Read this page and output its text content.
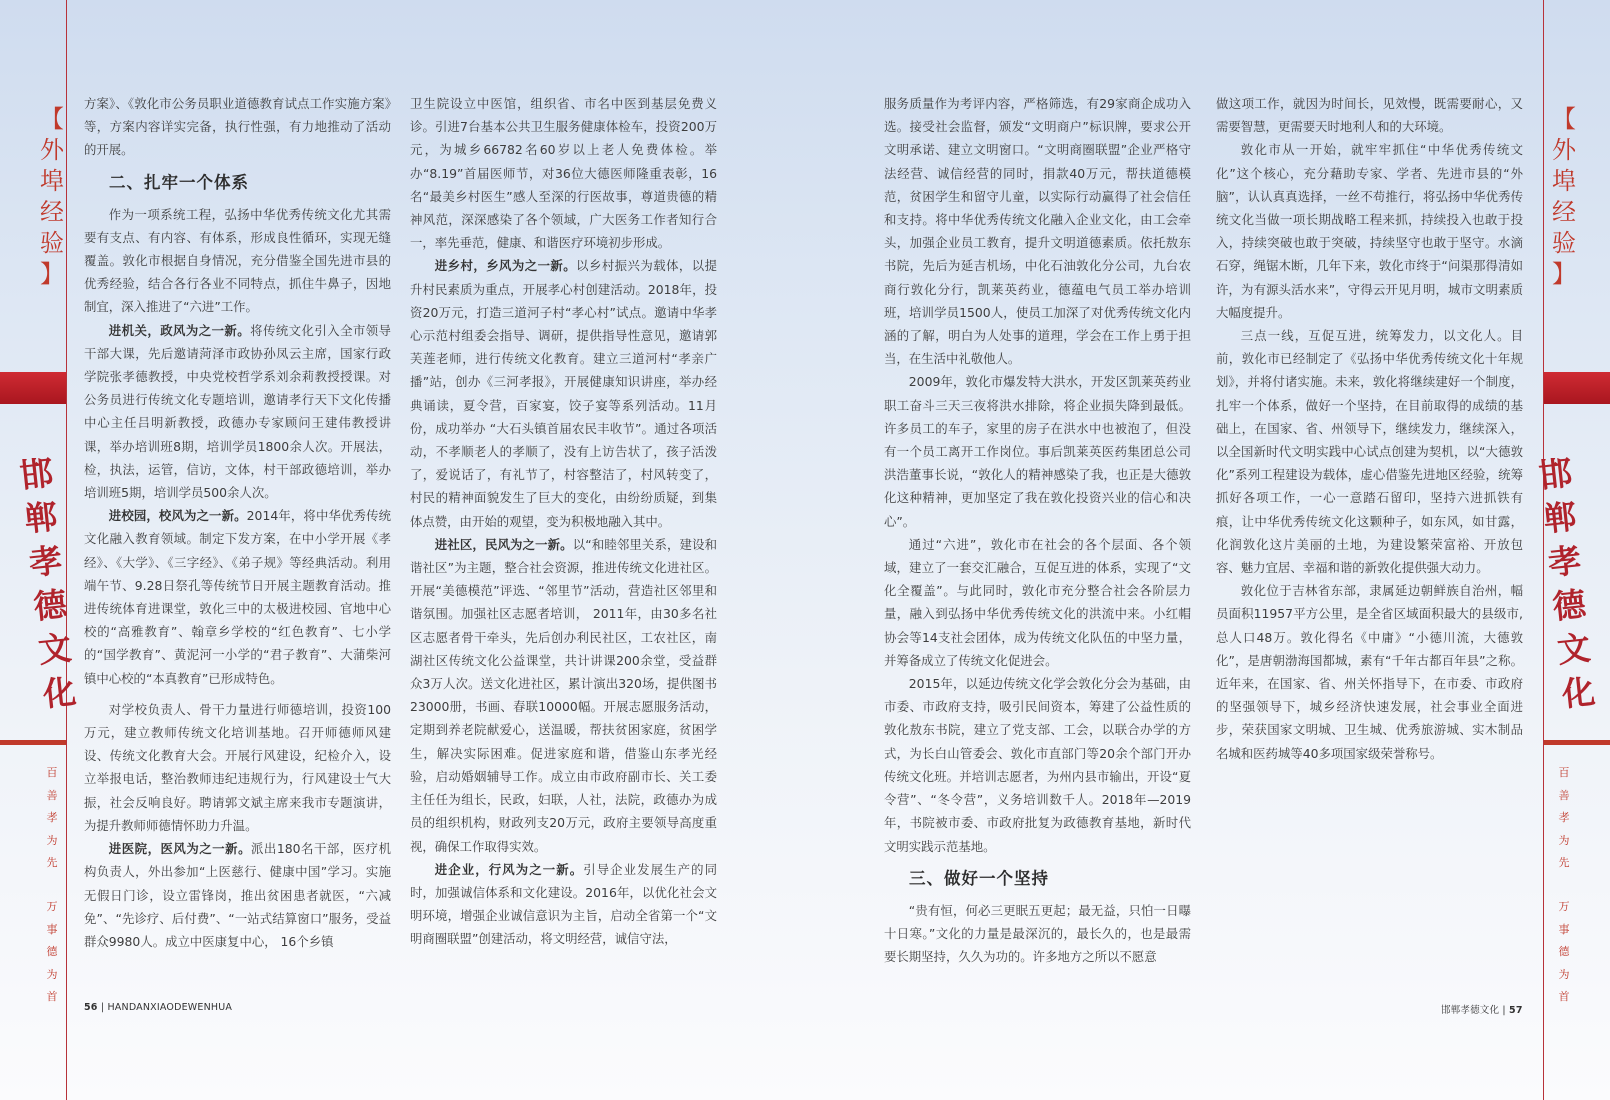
【
外
埠
经
验
】
邯
郸
孝
德
文
化
百
善
孝
为
先
万
事
德
为
首

方案》、《敦化市公务员职业道德教育试点工作实施方案》等，方案内容详实完备，执行性强，有力地推动了活动的开展。

二、扎牢一个体系

作为一项系统工程，弘扬中华优秀传统文化尤其需要有支点、有内容、有体系，形成良性循环，实现无缝覆盖。敦化市根据自身情况，充分借鉴全国先进市县的优秀经验，结合各行各业不同特点，抓住牛鼻子，因地制宜，深入推进了“六进”工作。

进机关，政风为之一新。将传统文化引入全市领导干部大课，先后邀请菏泽市政协孙凤云主席，国家行政学院张孝德教授，中央党校哲学系刘余莉教授授课。对公务员进行传统文化专题培训，邀请孝行天下文化传播中心主任吕明新教授，政德办专家顾问王建伟教授讲课，举办培训班8期，培训学员1800余人次。开展法，检，执法，运管，信访，文体，村干部政德培训，举办培训班5期，培训学员500余人次。

进校园，校风为之一新。2014年，将中华优秀传统文化融入教育领域。制定下发方案，在中小学开展《孝经》、《大学》、《三字经》、《弟子规》等经典活动。利用端午节、9.28日祭孔等传统节日开展主题教育活动。推进传统体育进课堂，敦化三中的太极进校园、官地中心校的“高雅教育”、翰章乡学校的“红色教育”、七小学的“国学教育”、黄泥河一小学的“君子教育”、大蒲柴河镇中心校的“本真教育”已形成特色。

对学校负责人、骨干力量进行师德培训，投资100万元，建立教师传统文化培训基地。召开师德师风建设、传统文化教育大会。开展行风建设，纪检介入，设立举报电话，整治教师违纪违规行为，行风建设士气大振，社会反响良好。聘请郭文斌主席来我市专题演讲，为提升教师师德情怀助力升温。

进医院，医风为之一新。派出180名干部，医疗机构负责人，外出参加“上医慈行、健康中国”学习。实施无假日门诊，设立雷锋岗，推出贫困患者就医，“六减免”、“先诊疗、后付费”、“一站式结算窗口”服务，受益群众9980人。成立中医康复中心， 16个乡镇

卫生院设立中医馆，组织省、市名中医到基层免费义诊。引进7台基本公共卫生服务健康体检车，投资200万元，为城乡66782名60岁以上老人免费体检。举办“8.19”首届医师节，对36位大德医师隆重表彰，16名“最美乡村医生”感人至深的行医故事，尊道贵德的精神风范，深深感染了各个领域，广大医务工作者知行合一，率先垂范，健康、和谐医疗环境初步形成。

进乡村，乡风为之一新。以乡村振兴为载体，以提升村民素质为重点，开展孝心村创建活动。2018年，投资20万元，打造三道河子村“孝心村”试点。邀请中华孝心示范村组委会指导、调研，提供指导性意见，邀请郭芙莲老师，进行传统文化教育。建立三道河村“孝亲广播”站，创办《三河孝报》，开展健康知识讲座，举办经典诵读，夏令营，百家宴，饺子宴等系列活动。11月份，成功举办 “大石头镇首届农民丰收节”。通过各项活动，不孝顺老人的孝顺了，没有上访告状了，孩子活泼了，爱说话了，有礼节了，村容整洁了，村风转变了，村民的精神面貌发生了巨大的变化，由纷纷质疑，到集体点赞，由开始的观望，变为积极地融入其中。

进社区，民风为之一新。以“和睦邻里关系，建设和谐社区”为主题，整合社会资源，推进传统文化进社区。开展“美德模范”评选、“邻里节”活动，营造社区邻里和谐氛围。加强社区志愿者培训， 2011年，由30多名社区志愿者骨干牵头，先后创办利民社区，工农社区，南湖社区传统文化公益课堂，共计讲课200余堂，受益群众3万人次。送文化进社区，累计演出320场，提供图书23000册，书画、春联10000幅。开展志愿服务活动，定期到养老院献爱心，送温暖，帮扶贫困家庭，贫困学生，解决实际困难。促进家庭和谐，借鉴山东孝光经验，启动婚姻辅导工作。成立由市政府副市长、关工委主任任为组长，民政，妇联，人社，法院，政德办为成员的组织机构，财政列支20万元，政府主要领导高度重视，确保工作取得实效。

进企业，行风为之一新。引导企业发展生产的同时，加强诚信体系和文化建设。2016年，以优化社会文明环境，增强企业诚信意识为主旨，启动全省第一个“文明商圈联盟”创建活动，将文明经营，诚信守法，

56 | HANDANXIAODEWENHUA
【
外
埠
经
验
】
邯
郸
孝
德
文
化
百
善
孝
为
先
万
事
德
为
首

服务质量作为考评内容，严格筛选，有29家商企成功入选。接受社会监督，颁发“文明商户”标识牌，要求公开文明承诺、建立文明窗口。“文明商圈联盟”企业严格守法经营、诚信经营的同时，捐款40万元，帮扶道德模范，贫困学生和留守儿童，以实际行动赢得了社会信任和支持。将中华优秀传统文化融入企业文化，由工会牵头，加强企业员工教育，提升文明道德素质。依托敖东书院，先后为延吉机场，中化石油敦化分公司，九台农商行敦化分行，凯莱英药业，德蕴电气员工举办培训班，培训学员1500人，使员工加深了对优秀传统文化内涵的了解，明白为人处事的道理，学会在工作上勇于担当，在生活中礼敬他人。

2009年，敦化市爆发特大洪水，开发区凯莱英药业职工奋斗三天三夜将洪水排除，将企业损失降到最低。许多员工的车子，家里的房子在洪水中也被泡了，但没有一个员工离开工作岗位。事后凯莱英医药集团总公司洪浩董事长说，“敦化人的精神感染了我，也正是大德敦化这种精神，更加坚定了我在敦化投资兴业的信心和决心”。

通过“六进”，敦化市在社会的各个层面、各个领域，建立了一套交汇融合，互促互进的体系，实现了“文化全覆盖”。与此同时，敦化市充分整合社会各阶层力量，融入到弘扬中华优秀传统文化的洪流中来。小红帽协会等14支社会团体，成为传统文化队伍的中坚力量，并筹备成立了传统文化促进会。

2015年，以延边传统文化学会敦化分会为基础，由市委、市政府支持，吸引民间资本，筹建了公益性质的敦化敖东书院，建立了党支部、工会，以联合办学的方式，为长白山管委会、敦化市直部门等20余个部门开办传统文化班。并培训志愿者，为州内县市输出，开设“夏令营”、“冬令营”，义务培训数千人。2018年—2019年，书院被市委、市政府批复为政德教育基地，新时代文明实践示范基地。

三、做好一个坚持

“贵有恒，何必三更眠五更起；最无益，只怕一日曝十日寒。”文化的力量是最深沉的，最长久的，也是最需要长期坚持，久久为功的。许多地方之所以不愿意

做这项工作，就因为时间长，见效慢，既需要耐心，又需要智慧，更需要天时地利人和的大环境。

敦化市从一开始，就牢牢抓住“中华优秀传统文化”这个核心，充分藉助专家、学者、先进市县的“外脑”，认认真真选择，一丝不苟推行，将弘扬中华优秀传统文化当做一项长期战略工程来抓，持续投入也敢于投入，持续突破也敢于突破，持续坚守也敢于坚守。水滴石穿，绳锯木断，几年下来，敦化市终于“问渠那得清如许，为有源头活水来”，守得云开见月明，城市文明素质大幅度提升。

三点一线，互促互进，统筹发力，以文化人。目前，敦化市已经制定了《弘扬中华优秀传统文化十年规划》，并将付诸实施。未来，敦化将继续建好一个制度，扎牢一个体系，做好一个坚持，在目前取得的成绩的基础上，在国家、省、州领导下，继续发力，继续深入，以全国新时代文明实践中心试点创建为契机，以“大德敦化”系列工程建设为载体，虚心借鉴先进地区经验，统筹抓好各项工作，一心一意踏石留印，坚持六进抓铁有痕，让中华优秀传统文化这颗种子，如东风，如甘露，化润敦化这片美丽的土地，为建设繁荣富裕、开放包容、魅力宜居、幸福和谐的新敦化提供强大动力。

敦化位于吉林省东部，隶属延边朝鲜族自治州，幅员面积11957平方公里，是全省区域面积最大的县级市,总人口48万。敦化得名《中庸》“小德川流，大德敦化”，是唐朝渤海国都城，素有“千年古都百年县”之称。近年来，在国家、省、州关怀指导下，在市委、市政府的坚强领导下，城乡经济快速发展，社会事业全面进步，荣获国家文明城、卫生城、优秀旅游城、实木制品名城和医药城等40多项国家级荣誉称号。

邯郸孝德文化 | 57
